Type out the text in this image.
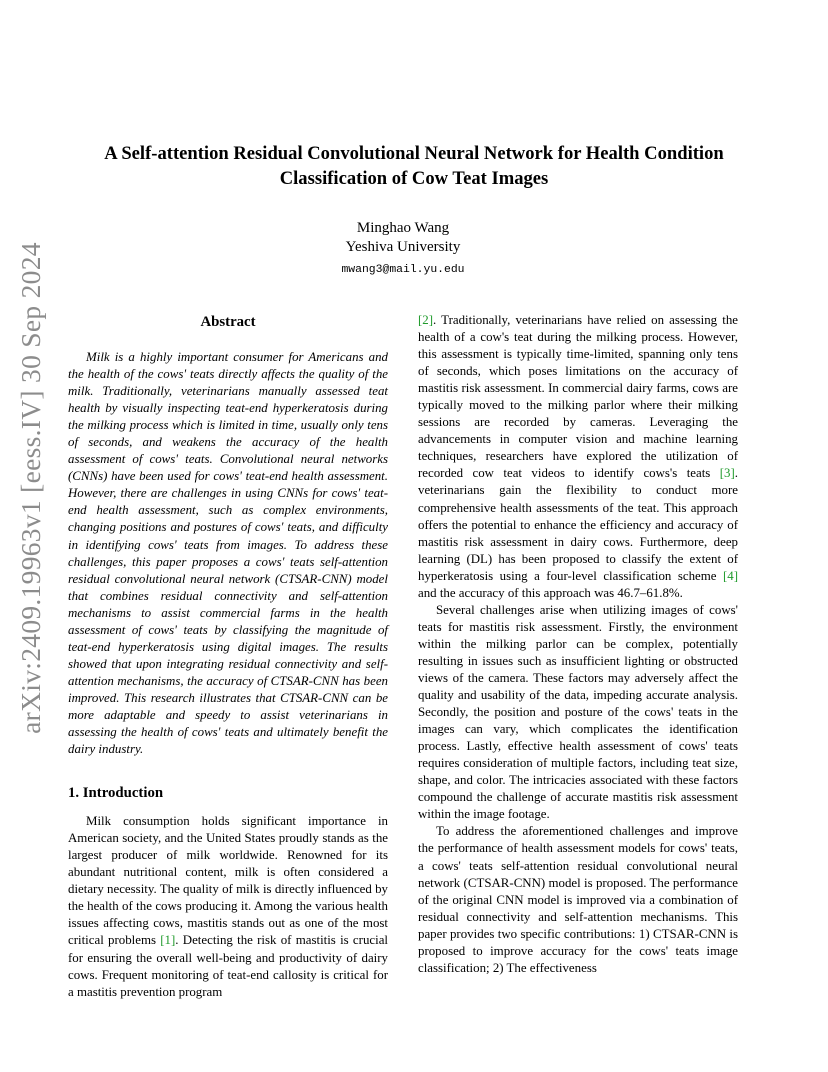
arXiv:2409.19963v1 [eess.IV] 30 Sep 2024
A Self-attention Residual Convolutional Neural Network for Health Condition Classification of Cow Teat Images
Minghao Wang
Yeshiva University
mwang3@mail.yu.edu
Abstract

Milk is a highly important consumer for Americans and the health of the cows' teats directly affects the quality of the milk. Traditionally, veterinarians manually assessed teat health by visually inspecting teat-end hyperkeratosis during the milking process which is limited in time, usually only tens of seconds, and weakens the accuracy of the health assessment of cows' teats. Convolutional neural networks (CNNs) have been used for cows' teat-end health assessment. However, there are challenges in using CNNs for cows' teat-end health assessment, such as complex environments, changing positions and postures of cows' teats, and difficulty in identifying cows' teats from images. To address these challenges, this paper proposes a cows' teats self-attention residual convolutional neural network (CTSAR-CNN) model that combines residual connectivity and self-attention mechanisms to assist commercial farms in the health assessment of cows' teats by classifying the magnitude of teat-end hyperkeratosis using digital images. The results showed that upon integrating residual connectivity and self-attention mechanisms, the accuracy of CTSAR-CNN has been improved. This research illustrates that CTSAR-CNN can be more adaptable and speedy to assist veterinarians in assessing the health of cows' teats and ultimately benefit the dairy industry.

1. Introduction

Milk consumption holds significant importance in American society, and the United States proudly stands as the largest producer of milk worldwide. Renowned for its abundant nutritional content, milk is often considered a dietary necessity. The quality of milk is directly influenced by the health of the cows producing it. Among the various health issues affecting cows, mastitis stands out as one of the most critical problems [1]. Detecting the risk of mastitis is crucial for ensuring the overall well-being and productivity of dairy cows. Frequent monitoring of teat-end callosity is critical for a mastitis prevention program

[2]. Traditionally, veterinarians have relied on assessing the health of a cow's teat during the milking process. However, this assessment is typically time-limited, spanning only tens of seconds, which poses limitations on the accuracy of mastitis risk assessment. In commercial dairy farms, cows are typically moved to the milking parlor where their milking sessions are recorded by cameras. Leveraging the advancements in computer vision and machine learning techniques, researchers have explored the utilization of recorded cow teat videos to identify cows's teats [3]. veterinarians gain the flexibility to conduct more comprehensive health assessments of the teat. This approach offers the potential to enhance the efficiency and accuracy of mastitis risk assessment in dairy cows. Furthermore, deep learning (DL) has been proposed to classify the extent of hyperkeratosis using a four-level classification scheme [4] and the accuracy of this approach was 46.7–61.8%.

Several challenges arise when utilizing images of cows' teats for mastitis risk assessment. Firstly, the environment within the milking parlor can be complex, potentially resulting in issues such as insufficient lighting or obstructed views of the camera. These factors may adversely affect the quality and usability of the data, impeding accurate analysis. Secondly, the position and posture of the cows' teats in the images can vary, which complicates the identification process. Lastly, effective health assessment of cows' teats requires consideration of multiple factors, including teat size, shape, and color. The intricacies associated with these factors compound the challenge of accurate mastitis risk assessment within the image footage.

To address the aforementioned challenges and improve the performance of health assessment models for cows' teats, a cows' teats self-attention residual convolutional neural network (CTSAR-CNN) model is proposed. The performance of the original CNN model is improved via a combination of residual connectivity and self-attention mechanisms. This paper provides two specific contributions: 1) CTSAR-CNN is proposed to improve accuracy for the cows' teats image classification; 2) The effectiveness
